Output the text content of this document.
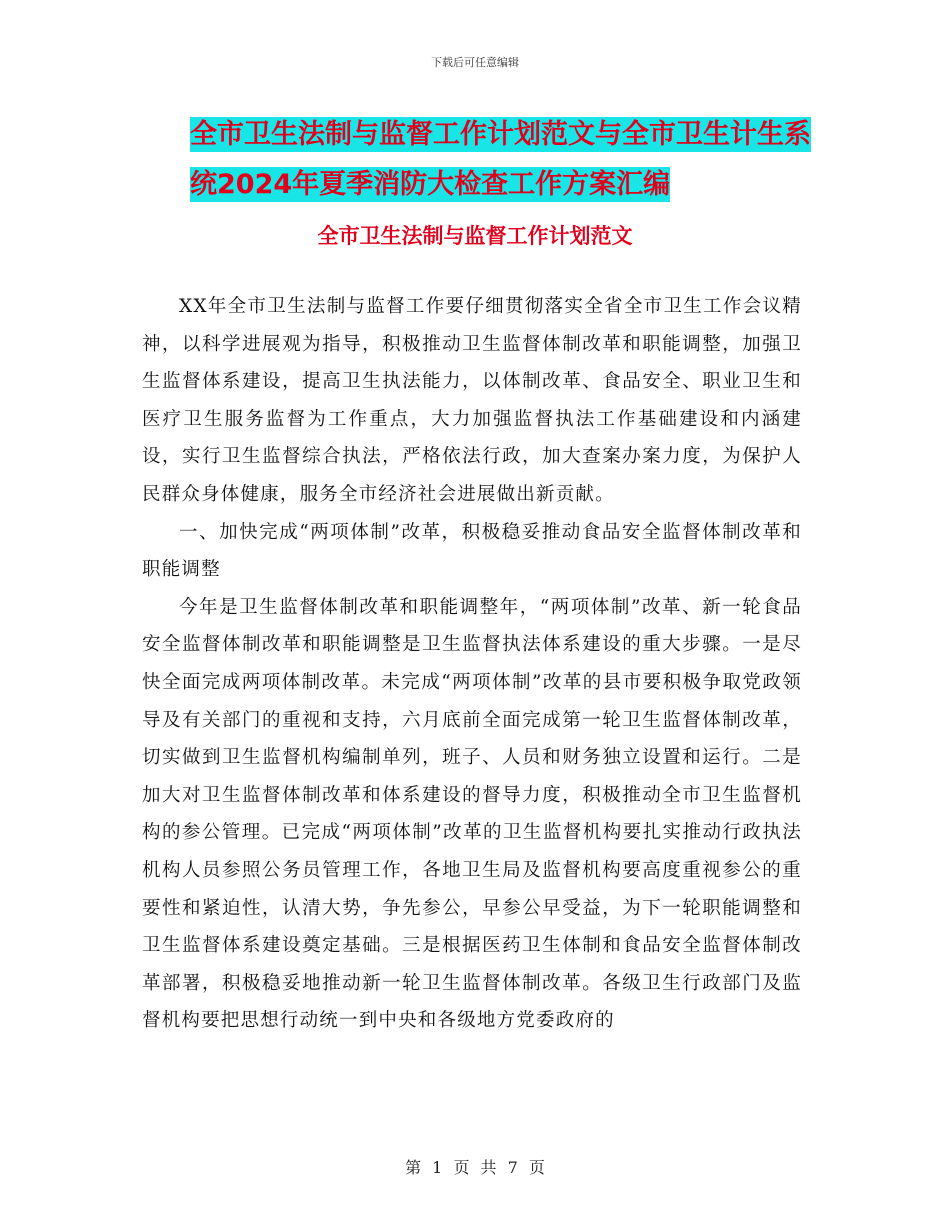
下载后可任意编辑
全市卫生法制与监督工作计划范文与全市卫生计生系
统2024年夏季消防大检查工作方案汇编
全市卫生法制与监督工作计划范文

XX年全市卫生法制与监督工作要仔细贯彻落实全省全市卫生工作会议精神，以科学进展观为指导，积极推动卫生监督体制改革和职能调整，加强卫生监督体系建设，提高卫生执法能力，以体制改革、食品安全、职业卫生和医疗卫生服务监督为工作重点，大力加强监督执法工作基础建设和内涵建设，实行卫生监督综合执法，严格依法行政，加大查案办案力度，为保护人民群众身体健康，服务全市经济社会进展做出新贡献。

一、加快完成“两项体制”改革，积极稳妥推动食品安全监督体制改革和职能调整

今年是卫生监督体制改革和职能调整年，“两项体制”改革、新一轮食品安全监督体制改革和职能调整是卫生监督执法体系建设的重大步骤。一是尽快全面完成两项体制改革。未完成“两项体制”改革的县市要积极争取党政领导及有关部门的重视和支持，六月底前全面完成第一轮卫生监督体制改革，切实做到卫生监督机构编制单列，班子、人员和财务独立设置和运行。二是加大对卫生监督体制改革和体系建设的督导力度，积极推动全市卫生监督机构的参公管理。已完成“两项体制”改革的卫生监督机构要扎实推动行政执法机构人员参照公务员管理工作，各地卫生局及监督机构要高度重视参公的重要性和紧迫性，认清大势，争先参公，早参公早受益，为下一轮职能调整和卫生监督体系建设奠定基础。三是根据医药卫生体制和食品安全监督体制改革部署，积极稳妥地推动新一轮卫生监督体制改革。各级卫生行政部门及监督机构要把思想行动统一到中央和各级地方党委政府的

第 1 页 共 7 页
